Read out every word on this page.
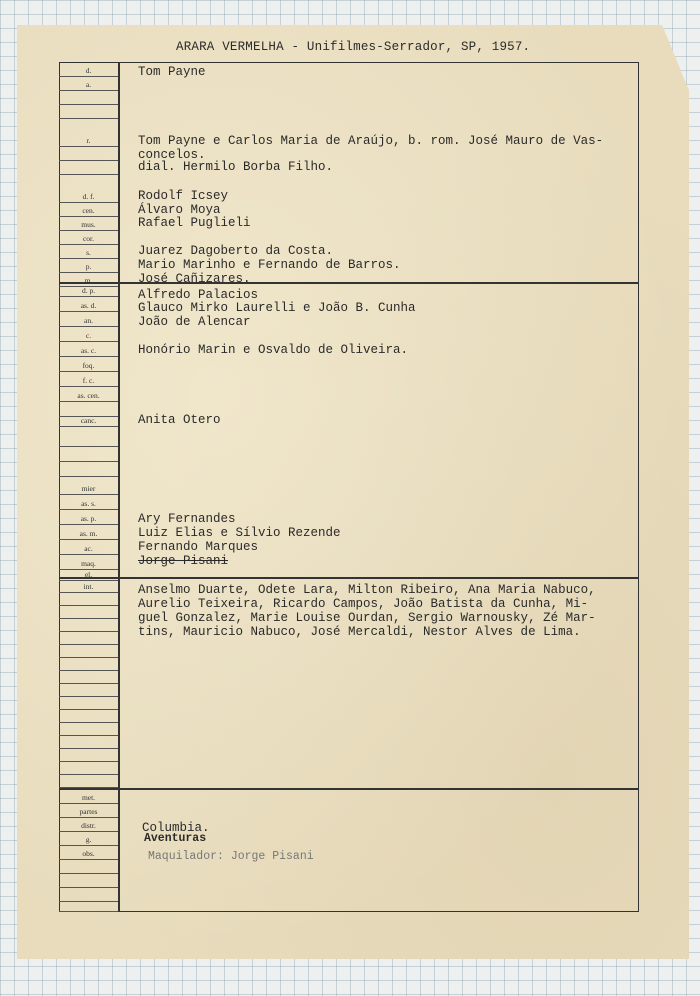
ARARA VERMELHA - Unifilmes-Serrador, SP, 1957.
d.
a.
r.
d. f.
cen.
mus.
cor.
s.
p.
m.
d. p.
as. d.
an.
c.
as. c.
foq.
f. c.
as. cen.
canc.
mier
as. s.
as. p.
as. m.
ac.
maq.
el.
int.
met.
partes
distr.
g.
obs.
Tom Payne
Tom Payne e Carlos Maria de Araújo, b. rom. José Mauro de Vas-
concelos.
dial. Hermilo Borba Filho.
Rodolf Icsey
Álvaro Moya
Rafael Puglieli
Juarez Dagoberto da Costa.
Mario Marinho e Fernando de Barros.
José Cañizares.
Alfredo Palacios
Glauco Mirko Laurelli e João B. Cunha
João de Alencar
Honório Marin e Osvaldo de Oliveira.
Anita Otero
Ary Fernandes
Luiz Elias e Sílvio Rezende
Fernando Marques
Jorge Pisani
Anselmo Duarte, Odete Lara, Milton Ribeiro, Ana Maria Nabuco,
Aurelio Teixeira, Ricardo Campos, João Batista da Cunha, Mi-
guel Gonzalez, Marie Louise Ourdan, Sergio Warnousky, Zé Mar-
tins, Mauricio Nabuco, José Mercaldi, Nestor Alves de Lima.
Columbia.
Aventuras
Maquilador: Jorge Pisani
